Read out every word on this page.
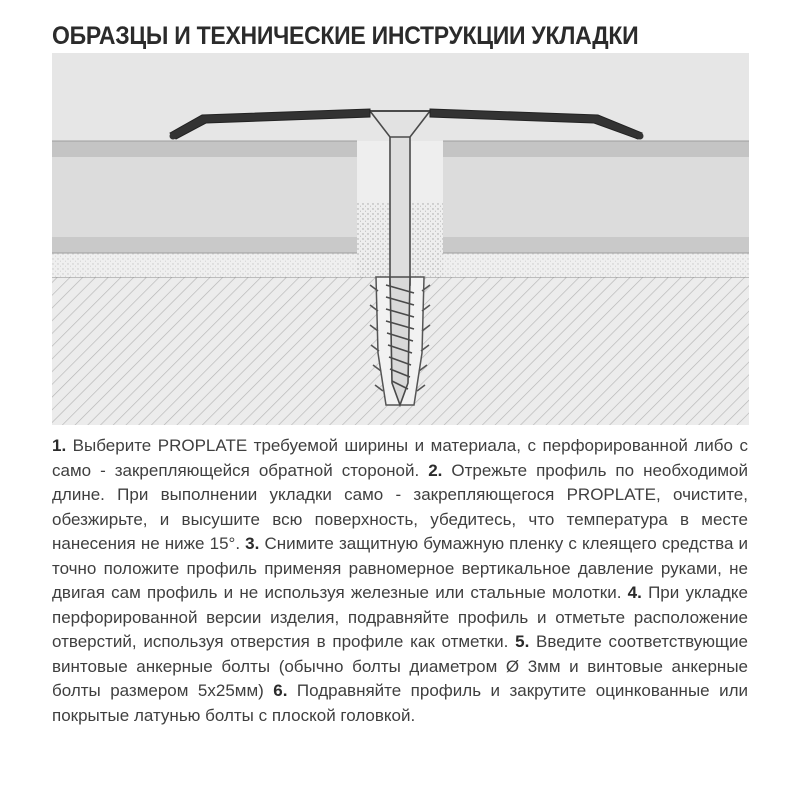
ОБРАЗЦЫ И ТЕХНИЧЕСКИЕ ИНСТРУКЦИИ УКЛАДКИ

1. Выберите PROPLATE требуемой ширины и материала, с перфорированной либо с само - закрепляющейся обратной стороной.

2. Отрежьте профиль по необходимой длине. При выполнении укладки само - закрепляющегося PROPLATE, очистите, обезжирьте, и высушите всю поверхность, убедитесь, что температура в месте нанесения не ниже 15°.

3. Снимите защитную бумажную пленку с клеящего средства и точно положите профиль применяя равномерное вертикальное давление руками, не двигая сам профиль и не используя железные или стальные молотки.

4. При укладке перфорированной версии изделия, подравняйте профиль и отметьте расположение отверстий, используя отверстия в профиле как отметки.

5. Введите соответствующие винтовые анкерные болты (обычно болты диаметром Ø 3мм и винтовые анкерные болты размером 5х25мм)

6. Подравняйте профиль и закрутите оцинкованные или покрытые латунью болты с плоской головкой.
